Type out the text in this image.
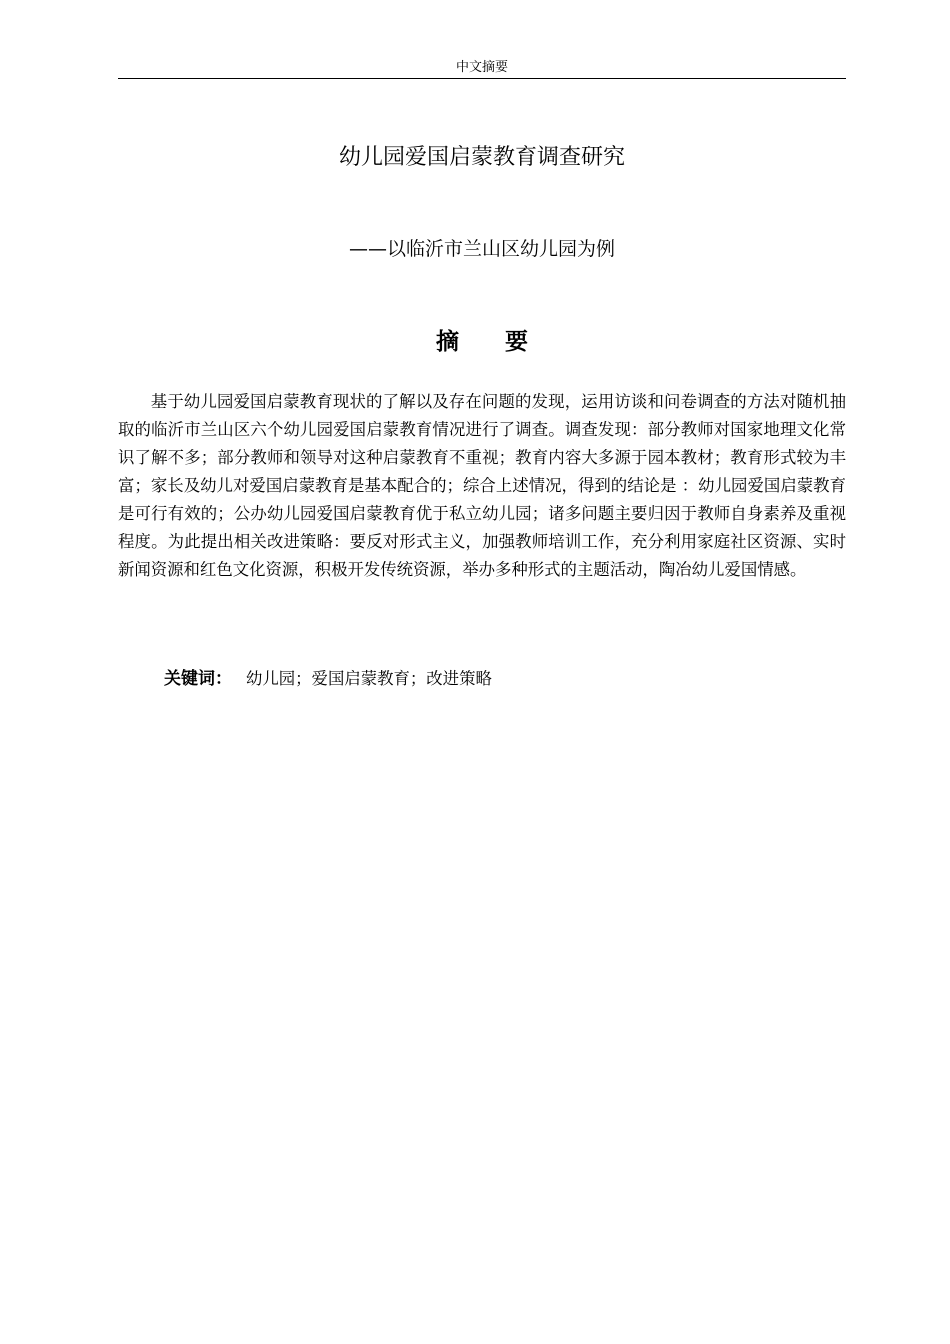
中文摘要
幼儿园爱国启蒙教育调查研究
——以临沂市兰山区幼儿园为例
摘 要

基于幼儿园爱国启蒙教育现状的了解以及存在问题的发现，运用访谈和问卷调查的方法对随机抽取的临沂市兰山区六个幼儿园爱国启蒙教育情况进行了调查。调查发现：部分教师对国家地理文化常识了解不多；部分教师和领导对这种启蒙教育不重视；教育内容大多源于园本教材；教育形式较为丰富；家长及幼儿对爱国启蒙教育是基本配合的；综合上述情况，得到的结论是 ：幼儿园爱国启蒙教育是可行有效的；公办幼儿园爱国启蒙教育优于私立幼儿园；诸多问题主要归因于教师自身素养及重视程度。为此提出相关改进策略：要反对形式主义，加强教师培训工作，充分利用家庭社区资源、实时新闻资源和红色文化资源，积极开发传统资源，举办多种形式的主题活动，陶冶幼儿爱国情感。

关键词： 幼儿园；爱国启蒙教育；改进策略
